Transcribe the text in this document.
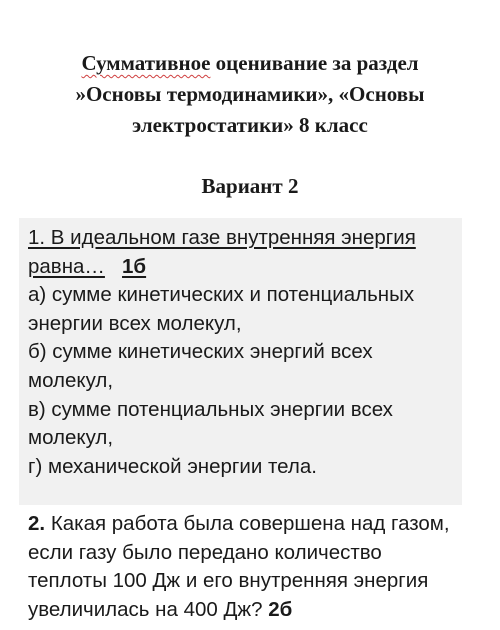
Суммативное оценивание за раздел
»Основы термодинамики», «Основы
электростатики» 8 класс
Вариант 2
1. В идеальном газе внутренняя энергия
равна… 1б
а) сумме кинетических и потенциальных
энергии всех молекул,
б) сумме кинетических энергий всех
молекул,
в) сумме потенциальных энергии всех
молекул,
г) механической энергии тела.
2. Какая работа была совершена над газом,
если газу было передано количество
теплоты 100 Дж и его внутренняя энергия
увеличилась на 400 Дж? 2б
